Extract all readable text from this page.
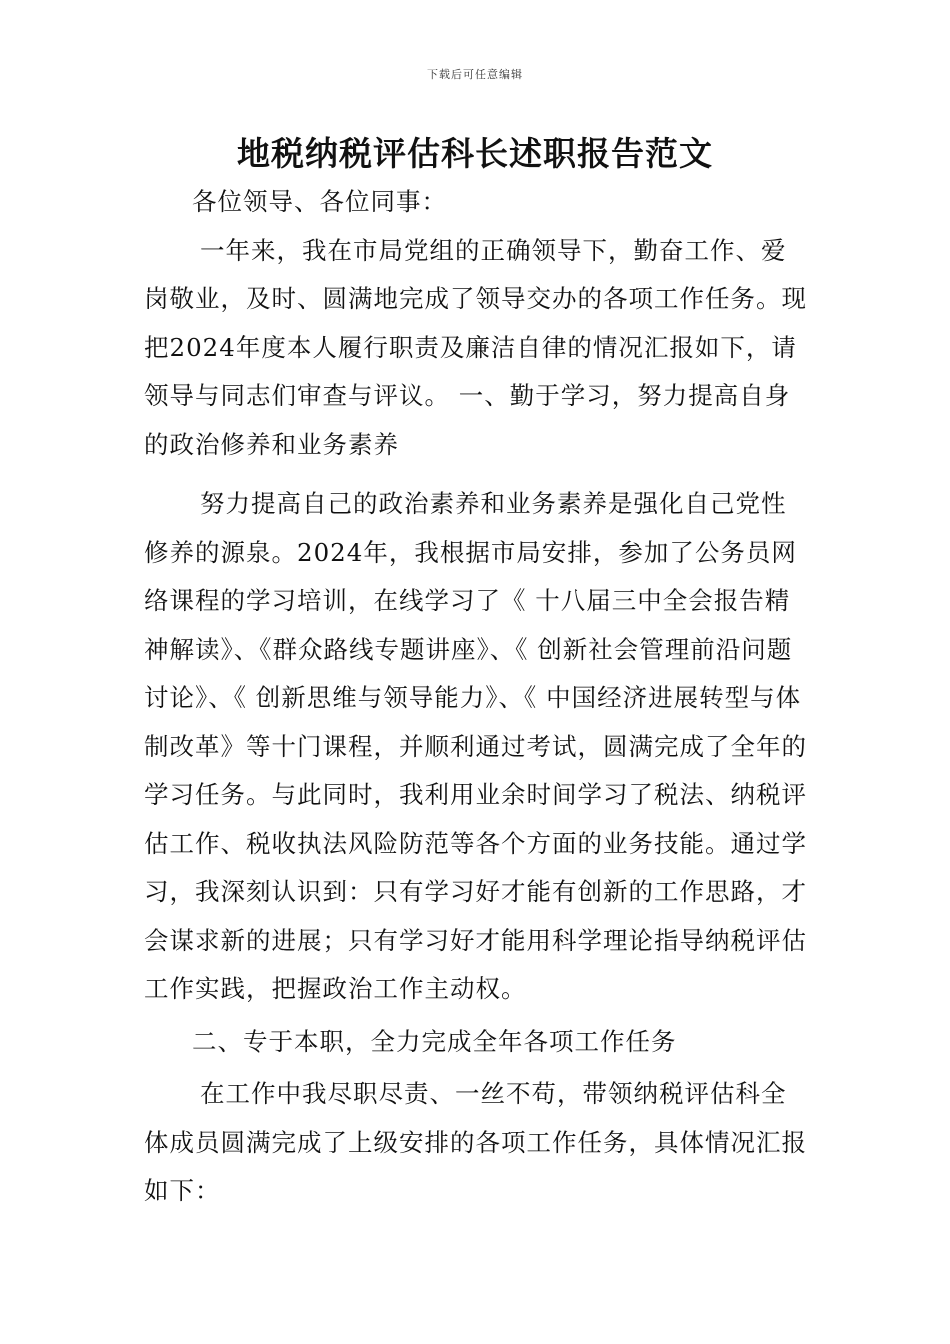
下载后可任意编辑
地税纳税评估科长述职报告范文

各位领导、各位同事：

一年来，我在市局党组的正确领导下，勤奋工作、爱岗敬业，及时、圆满地完成了领导交办的各项工作任务。现把2024年度本人履行职责及廉洁自律的情况汇报如下，请领导与同志们审查与评议。 一、勤于学习，努力提高自身的政治修养和业务素养

努力提高自己的政治素养和业务素养是强化自己党性修养的源泉。2024年，我根据市局安排，参加了公务员网络课程的学习培训，在线学习了《 十八届三中全会报告精神解读》、《群众路线专题讲座》、《 创新社会管理前沿问题讨论》、《 创新思维与领导能力》、《 中国经济进展转型与体制改革》等十门课程，并顺利通过考试，圆满完成了全年的学习任务。与此同时，我利用业余时间学习了税法、纳税评估工作、税收执法风险防范等各个方面的业务技能。通过学习，我深刻认识到：只有学习好才能有创新的工作思路，才会谋求新的进展；只有学习好才能用科学理论指导纳税评估工作实践，把握政治工作主动权。

二、专于本职，全力完成全年各项工作任务

在工作中我尽职尽责、一丝不苟，带领纳税评估科全体成员圆满完成了上级安排的各项工作任务，具体情况汇报如下：
